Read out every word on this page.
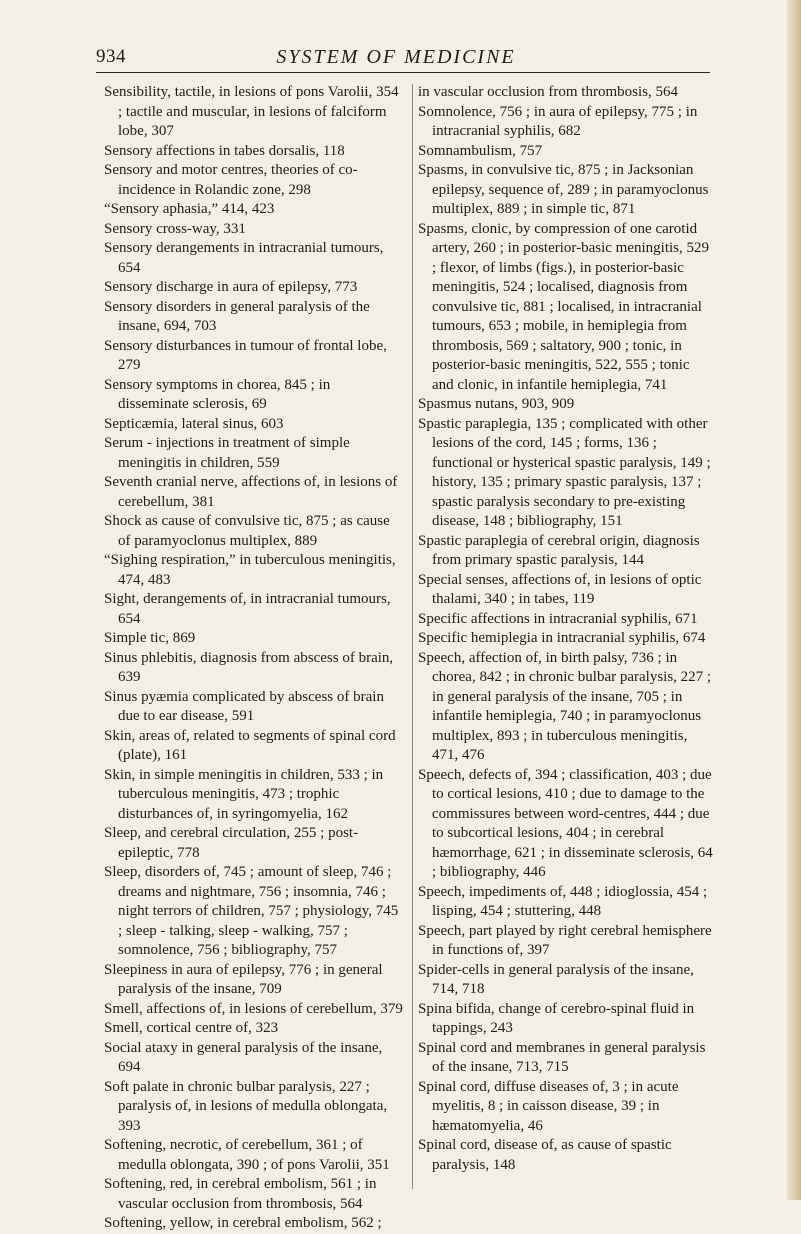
934	SYSTEM OF MEDICINE

Sensibility, tactile, in lesions of pons Varolii, 354 ; tactile and muscular, in lesions of falciform lobe, 307

Sensory affections in tabes dorsalis, 118

Sensory and motor centres, theories of co-incidence in Rolandic zone, 298

“Sensory aphasia,” 414, 423

Sensory cross-way, 331

Sensory derangements in intracranial tumours, 654

Sensory discharge in aura of epilepsy, 773

Sensory disorders in general paralysis of the insane, 694, 703

Sensory disturbances in tumour of frontal lobe, 279

Sensory symptoms in chorea, 845 ; in disseminate sclerosis, 69

Septicæmia, lateral sinus, 603

Serum - injections in treatment of simple meningitis in children, 559

Seventh cranial nerve, affections of, in lesions of cerebellum, 381

Shock as cause of convulsive tic, 875 ; as cause of paramyoclonus multiplex, 889

“Sighing respiration,” in tuberculous meningitis, 474, 483

Sight, derangements of, in intracranial tumours, 654

Simple tic, 869

Sinus phlebitis, diagnosis from abscess of brain, 639

Sinus pyæmia complicated by abscess of brain due to ear disease, 591

Skin, areas of, related to segments of spinal cord (plate), 161

Skin, in simple meningitis in children, 533 ; in tuberculous meningitis, 473 ; trophic disturbances of, in syringomyelia, 162

Sleep, and cerebral circulation, 255 ; post-epileptic, 778

Sleep, disorders of, 745 ; amount of sleep, 746 ; dreams and nightmare, 756 ; insomnia, 746 ; night terrors of children, 757 ; physiology, 745 ; sleep - talking, sleep - walking, 757 ; somnolence, 756 ; bibliography, 757

Sleepiness in aura of epilepsy, 776 ; in general paralysis of the insane, 709

Smell, affections of, in lesions of cerebellum, 379

Smell, cortical centre of, 323

Social ataxy in general paralysis of the insane, 694

Soft palate in chronic bulbar paralysis, 227 ; paralysis of, in lesions of medulla oblongata, 393

Softening, necrotic, of cerebellum, 361 ; of medulla oblongata, 390 ; of pons Varolii, 351

Softening, red, in cerebral embolism, 561 ; in vascular occlusion from thrombosis, 564

Softening, yellow, in cerebral embolism, 562 ;

in vascular occlusion from thrombosis, 564

Somnolence, 756 ; in aura of epilepsy, 775 ; in intracranial syphilis, 682

Somnambulism, 757

Spasms, in convulsive tic, 875 ; in Jacksonian epilepsy, sequence of, 289 ; in paramyoclonus multiplex, 889 ; in simple tic, 871

Spasms, clonic, by compression of one carotid artery, 260 ; in posterior-basic meningitis, 529 ; flexor, of limbs (figs.), in posterior-basic meningitis, 524 ; localised, diagnosis from convulsive tic, 881 ; localised, in intracranial tumours, 653 ; mobile, in hemiplegia from thrombosis, 569 ; saltatory, 900 ; tonic, in posterior-basic meningitis, 522, 555 ; tonic and clonic, in infantile hemiplegia, 741

Spasmus nutans, 903, 909

Spastic paraplegia, 135 ; complicated with other lesions of the cord, 145 ; forms, 136 ; functional or hysterical spastic paralysis, 149 ; history, 135 ; primary spastic paralysis, 137 ; spastic paralysis secondary to pre-existing disease, 148 ; bibliography, 151

Spastic paraplegia of cerebral origin, diagnosis from primary spastic paralysis, 144

Special senses, affections of, in lesions of optic thalami, 340 ; in tabes, 119

Specific affections in intracranial syphilis, 671

Specific hemiplegia in intracranial syphilis, 674

Speech, affection of, in birth palsy, 736 ; in chorea, 842 ; in chronic bulbar paralysis, 227 ; in general paralysis of the insane, 705 ; in infantile hemiplegia, 740 ; in paramyoclonus multiplex, 893 ; in tuberculous meningitis, 471, 476

Speech, defects of, 394 ; classification, 403 ; due to cortical lesions, 410 ; due to damage to the commissures between word-centres, 444 ; due to subcortical lesions, 404 ; in cerebral hæmorrhage, 621 ; in disseminate sclerosis, 64 ; bibliography, 446

Speech, impediments of, 448 ; idioglossia, 454 ; lisping, 454 ; stuttering, 448

Speech, part played by right cerebral hemisphere in functions of, 397

Spider-cells in general paralysis of the insane, 714, 718

Spina bifida, change of cerebro-spinal fluid in tappings, 243

Spinal cord and membranes in general paralysis of the insane, 713, 715

Spinal cord, diffuse diseases of, 3 ; in acute myelitis, 8 ; in caisson disease, 39 ; in hæmatomyelia, 46

Spinal cord, disease of, as cause of spastic paralysis, 148
